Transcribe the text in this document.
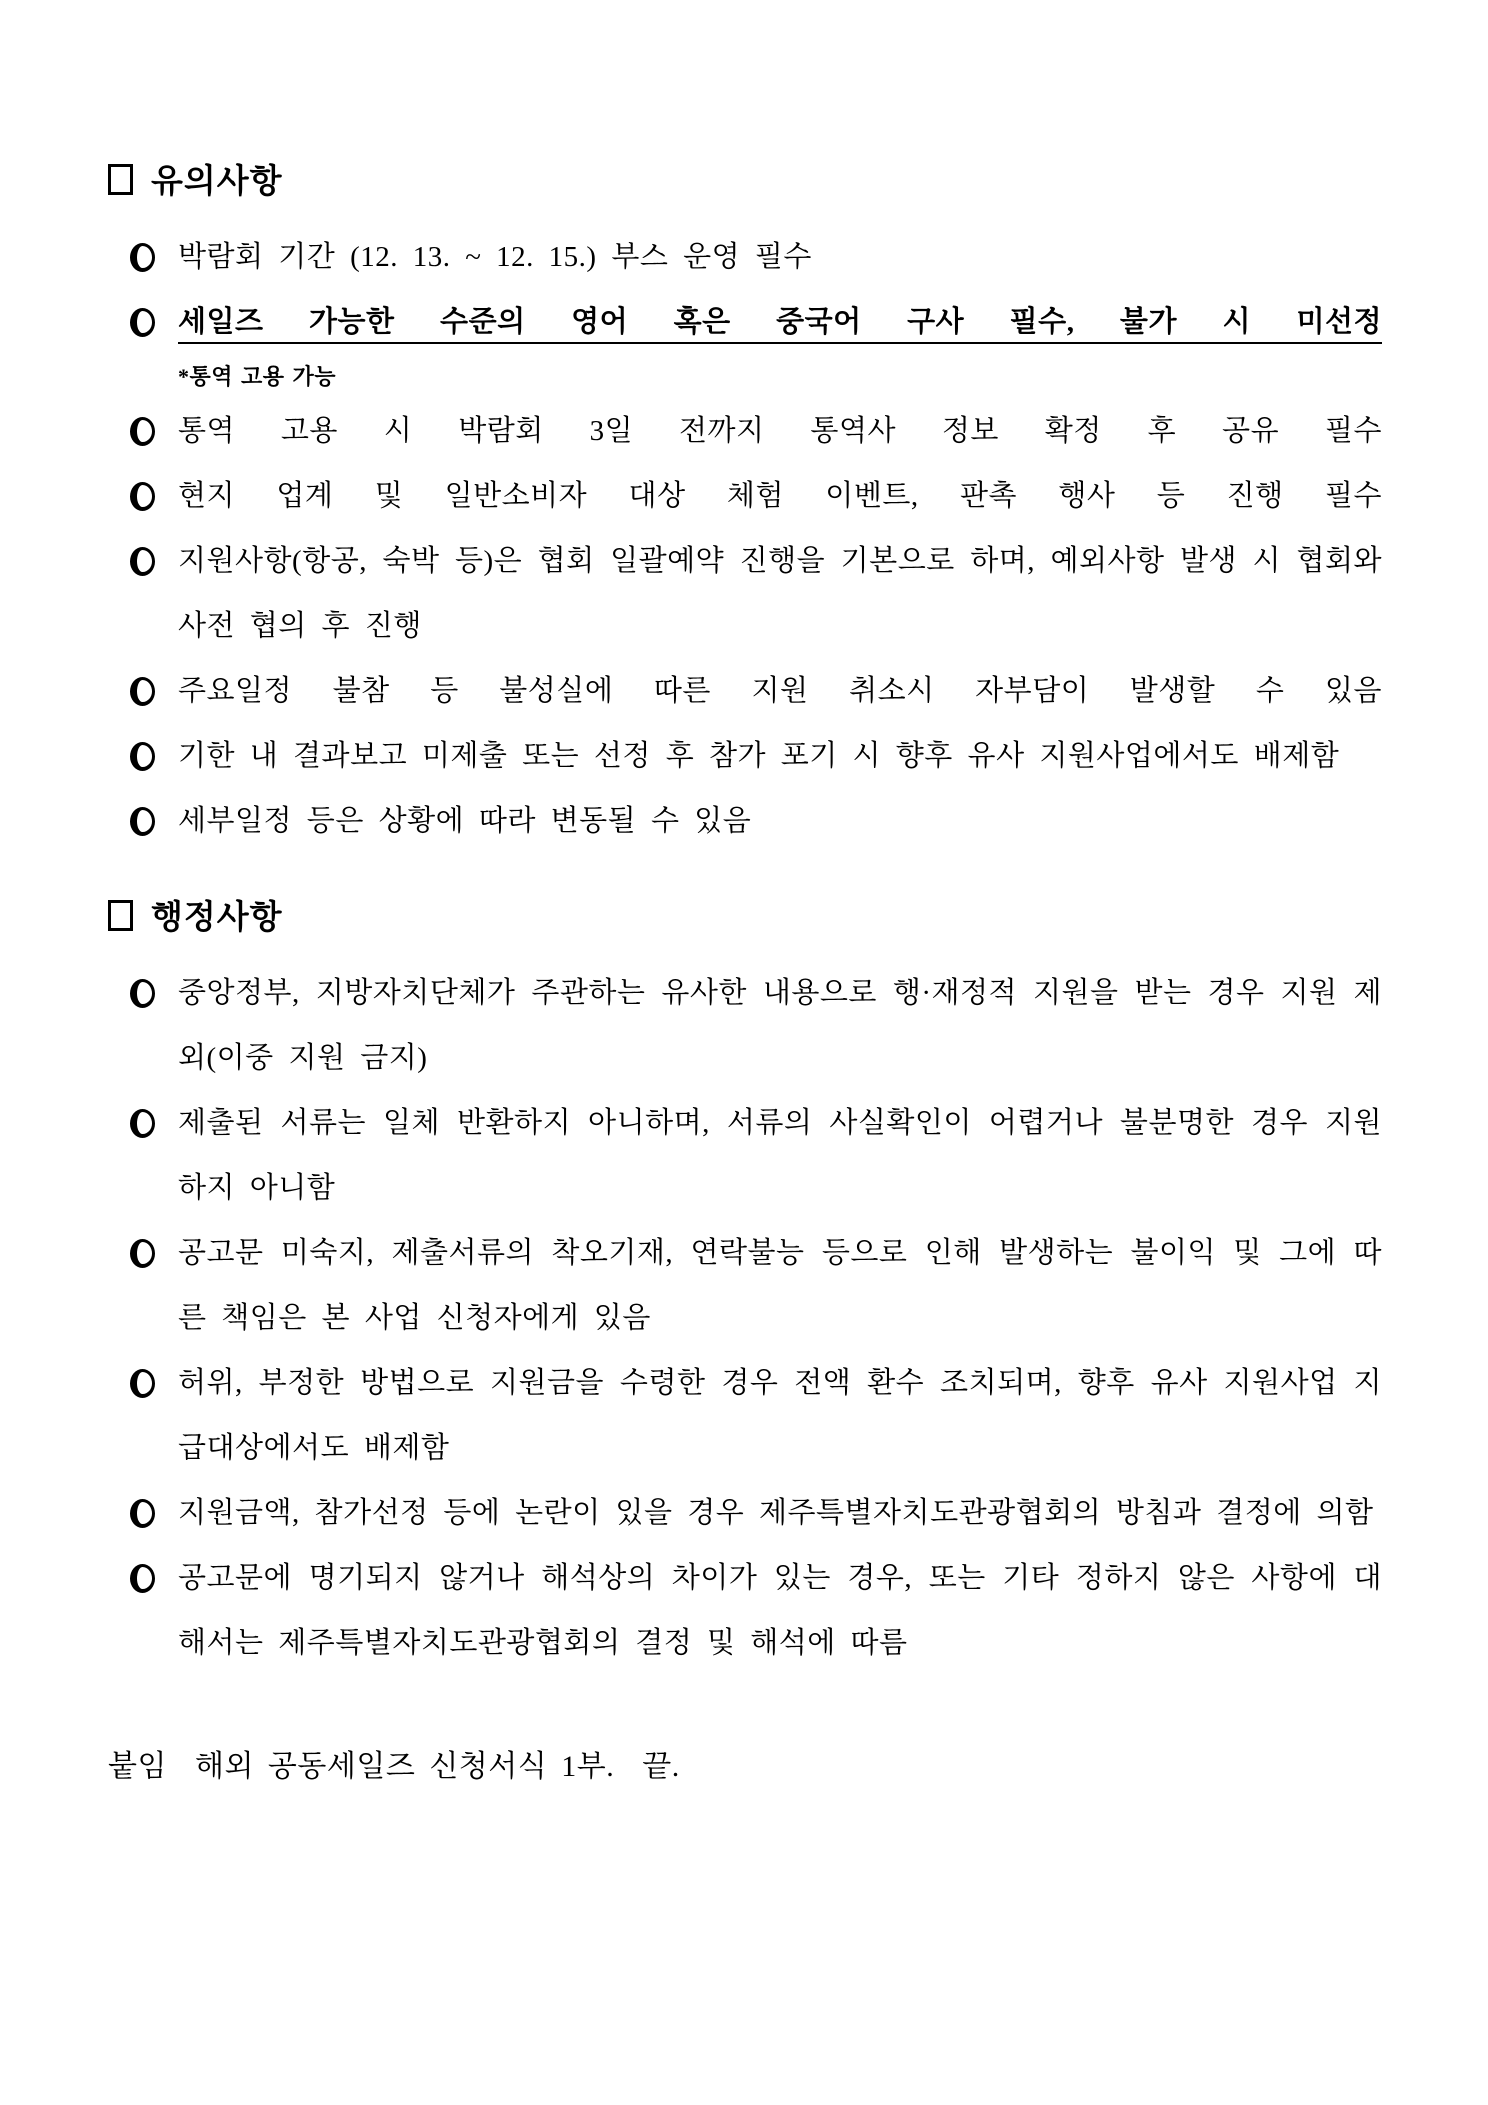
유의사항
박람회 기간 (12. 13. ~ 12. 15.) 부스 운영 필수
세일즈 가능한 수준의 영어 혹은 중국어 구사 필수, 불가 시 미선정
*통역 고용 가능
통역 고용 시 박람회 3일 전까지 통역사 정보 확정 후 공유 필수
현지 업계 및 일반소비자 대상 체험 이벤트, 판촉 행사 등 진행 필수
지원사항(항공, 숙박 등)은 협회 일괄예약 진행을 기본으로 하며, 예외사항 발생 시 협회와 사전 협의 후 진행
주요일정 불참 등 불성실에 따른 지원 취소시 자부담이 발생할 수 있음
기한 내 결과보고 미제출 또는 선정 후 참가 포기 시 향후 유사 지원사업에서도 배제함
세부일정 등은 상황에 따라 변동될 수 있음
행정사항
중앙정부, 지방자치단체가 주관하는 유사한 내용으로 행·재정적 지원을 받는 경우 지원 제외(이중 지원 금지)
제출된 서류는 일체 반환하지 아니하며, 서류의 사실확인이 어렵거나 불분명한 경우 지원하지 아니함
공고문 미숙지, 제출서류의 착오기재, 연락불능 등으로 인해 발생하는 불이익 및 그에 따른 책임은 본 사업 신청자에게 있음
허위, 부정한 방법으로 지원금을 수령한 경우 전액 환수 조치되며, 향후 유사 지원사업 지급대상에서도 배제함
지원금액, 참가선정 등에 논란이 있을 경우 제주특별자치도관광협회의 방침과 결정에 의함
공고문에 명기되지 않거나 해석상의 차이가 있는 경우, 또는 기타 정하지 않은 사항에 대해서는 제주특별자치도관광협회의 결정 및 해석에 따름

붙임  해외 공동세일즈 신청서식 1부.  끝.
